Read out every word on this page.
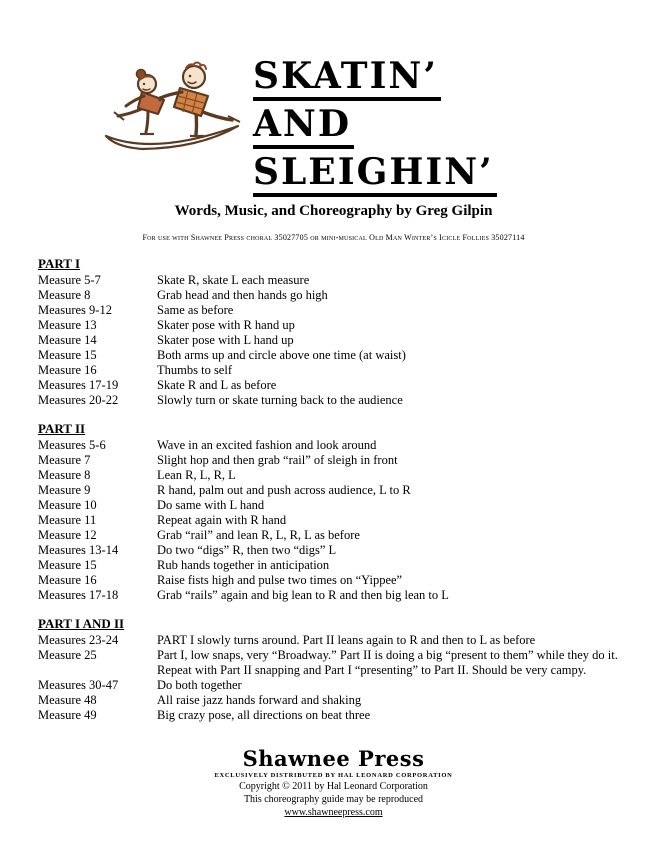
SKATIN’
AND
SLEIGHIN’
Words, Music, and Choreography by Greg Gilpin
For use with Shawnee Press choral 35027705 or mini-musical Old Man Winter’s Icicle Follies 35027114
PART I
Measure 5-7	Skate R, skate L each measure
Measure 8	Grab head and then hands go high
Measures 9-12	Same as before
Measure 13	Skater pose with R hand up
Measure 14	Skater pose with L hand up
Measure 15	Both arms up and circle above one time (at waist)
Measure 16	Thumbs to self
Measures 17-19	Skate R and L as before
Measures 20-22	Slowly turn or skate turning back to the audience
PART II
Measures 5-6	Wave in an excited fashion and look around
Measure 7	Slight hop and then grab “rail” of sleigh in front
Measure 8	Lean R, L, R, L
Measure 9	R hand, palm out and push across audience, L to R
Measure 10	Do same with L hand
Measure 11	Repeat again with R hand
Measure 12	Grab “rail” and lean R, L, R, L as before
Measures 13-14	Do two “digs” R, then two “digs” L
Measure 15	Rub hands together in anticipation
Measure 16	Raise fists high and pulse two times on “Yippee”
Measures 17-18	Grab “rails” again and big lean to R and then big lean to L
PART I AND II
Measures 23-24	PART I slowly turns around. Part II leans again to R and then to L as before
Measure 25	Part I, low snaps, very “Broadway.” Part II is doing a big “present to them” while they do it. Repeat with Part II snapping and Part I “presenting” to Part II. Should be very campy.
Measures 30-47	Do both together
Measure 48	All raise jazz hands forward and shaking
Measure 49	Big crazy pose, all directions on beat three
Shawnee Press
EXCLUSIVELY DISTRIBUTED BY HAL LEONARD CORPORATION
Copyright © 2011 by Hal Leonard Corporation
This choreography guide may be reproduced
www.shawneepress.com
